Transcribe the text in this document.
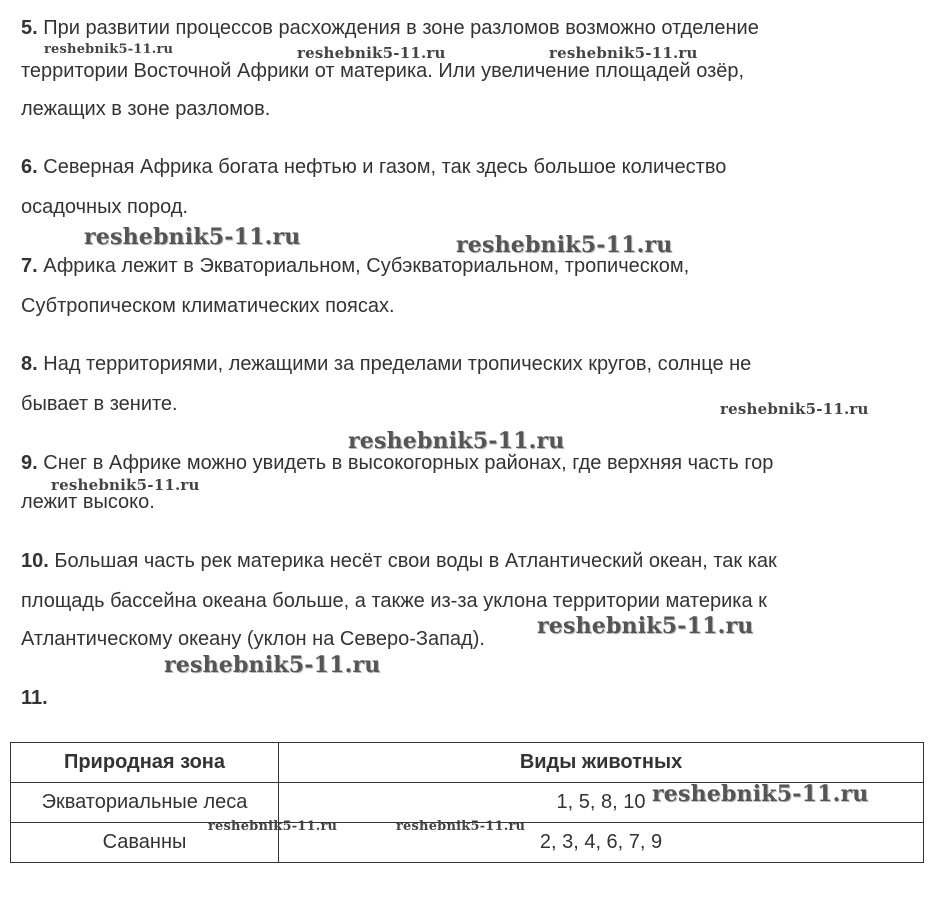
5. При развитии процессов расхождения в зоне разломов возможно отделение
территории Восточной Африки от материка. Или увеличение площадей озёр,
лежащих в зоне разломов.
6. Северная Африка богата нефтью и газом, так здесь большое количество
осадочных пород.
7. Африка лежит в Экваториальном, Субэкваториальном, тропическом,
Субтропическом климатических поясах.
8. Над территориями, лежащими за пределами тропических кругов, солнце не
бывает в зените.
9. Снег в Африке можно увидеть в высокогорных районах, где верхняя часть гор
лежит высоко.
10. Большая часть рек материка несёт свои воды в Атлантический океан, так как
площадь бассейна океана больше, а также из-за уклона территории материка к
Атлантическому океану (уклон на Северо-Запад).
11.
Природная зона	Виды животных
Экваториальные леса	1, 5, 8, 10
Саванны	2, 3, 4, 6, 7, 9
reshebnik5-11.ru	reshebnik5-11.ru	reshebnik5-11.ru
reshebnik5-11.ru	reshebnik5-11.ru
reshebnik5-11.ru
reshebnik5-11.ru
reshebnik5-11.ru
reshebnik5-11.ru
reshebnik5-11.ru
reshebnik5-11.ru
reshebnik5-11.ru	reshebnik5-11.ru
